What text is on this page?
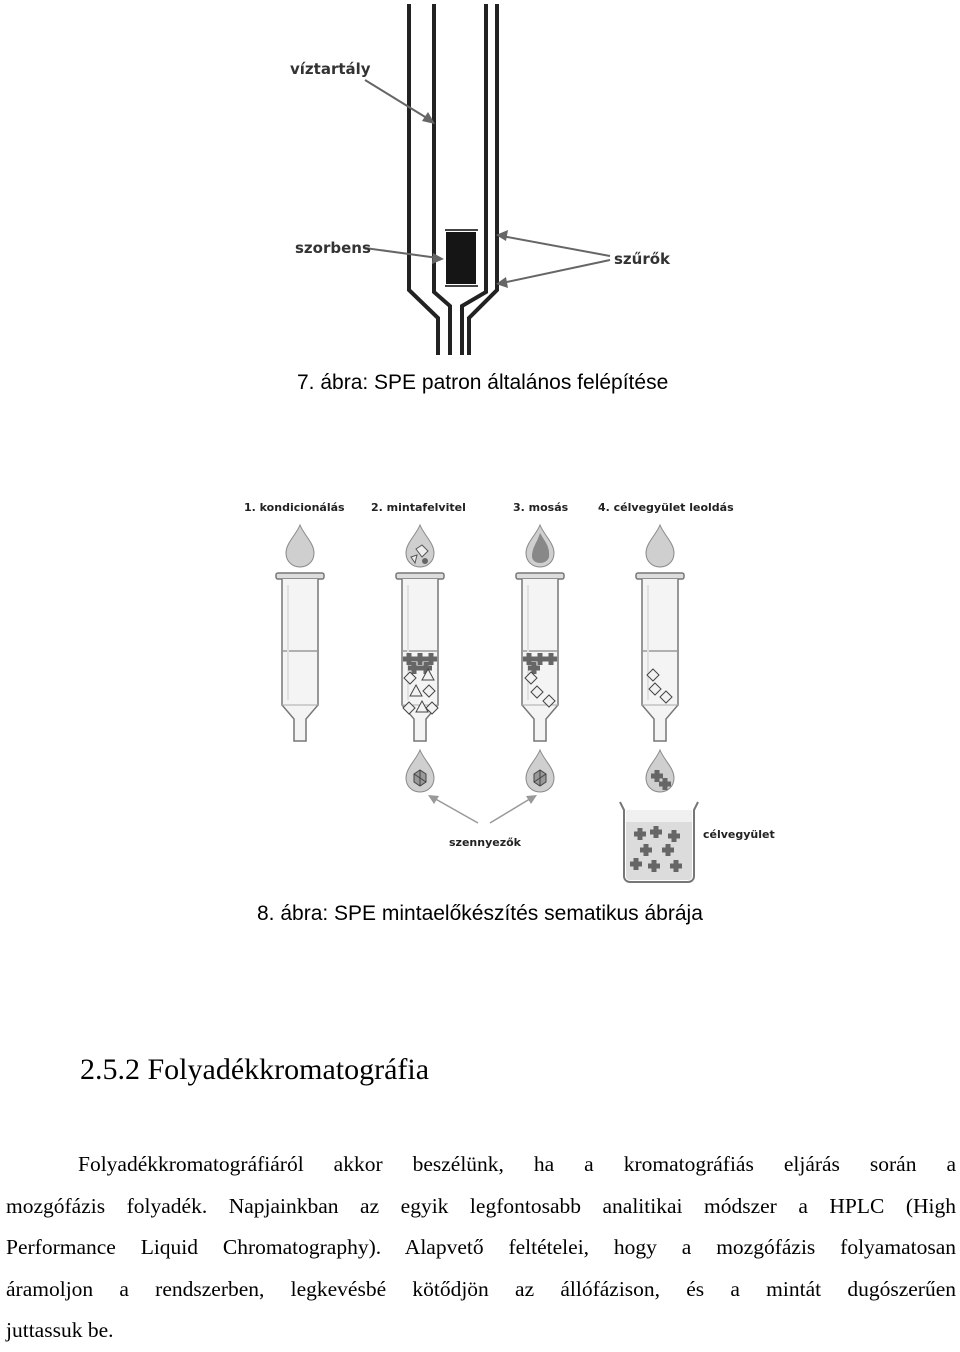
víztartály
szorbens
szűrők
7. ábra: SPE patron általános felépítése
1. kondicionálás 2. mintafelvitel	3. mosás	4. célvegyület leoldás
szennyezők
célvegyület
8. ábra: SPE mintaelőkészítés sematikus ábrája
2.5.2 Folyadékkromatográfia
Folyadékkromatográfiáról akkor beszélünk, ha a kromatográfiás eljárás során a
mozgófázis folyadék. Napjainkban az egyik legfontosabb analitikai módszer a HPLC (High
Performance Liquid Chromatography). Alapvető feltételei, hogy a mozgófázis folyamatosan
áramoljon a rendszerben, legkevésbé kötődjön az állófázison, és a mintát dugószerűen
juttassuk be.
